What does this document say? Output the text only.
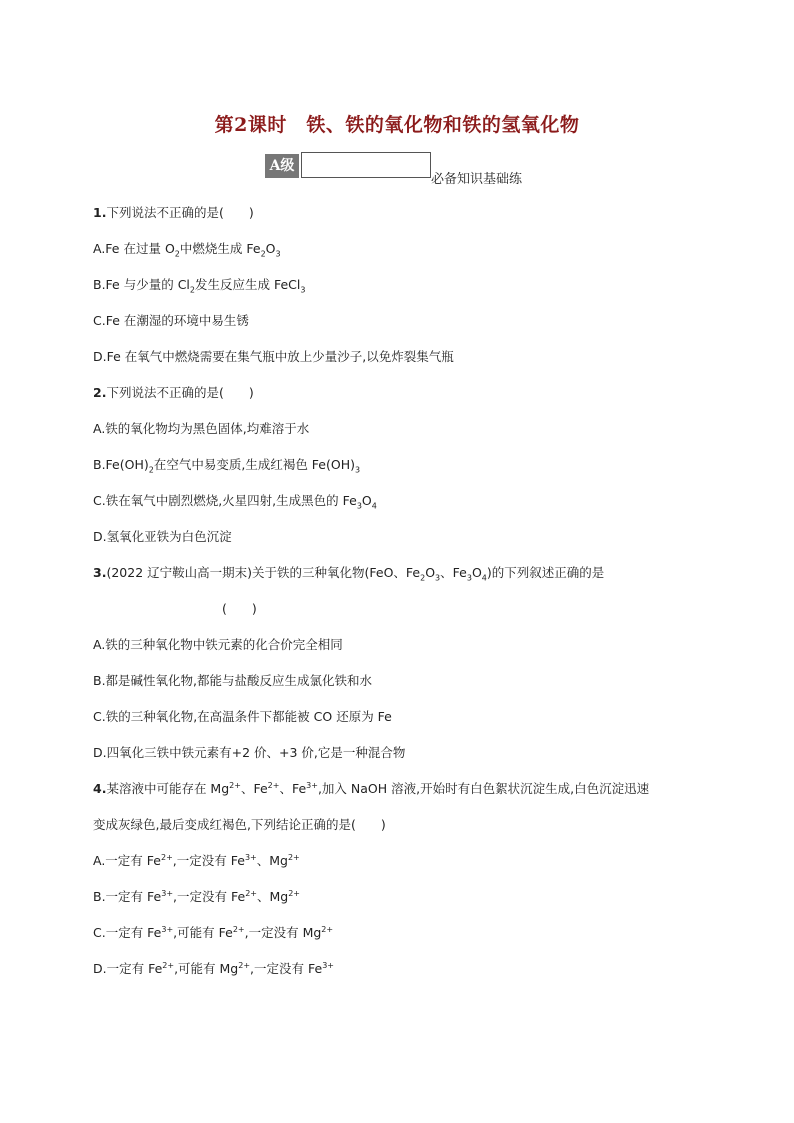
第2课时　铁、铁的氧化物和铁的氢氧化物
A级
必备知识基础练
1.下列说法不正确的是(　　)
A.Fe 在过量 $O_2$中燃烧生成 $Fe_2O_3$
B.Fe 与少量的 $Cl_2$发生反应生成 FeCl$_3$
C.Fe 在潮湿的环境中易生锈
D.Fe 在氧气中燃烧需要在集气瓶中放上少量沙子,以免炸裂集气瓶
2.下列说法不正确的是(　　)
A.铁的氧化物均为黑色固体,均难溶于水
$B.Fe(OH)_2$在空气中易变质,生成红褐色 $Fe(OH)_3$
C.铁在氧气中剧烈燃烧,火星四射,生成黑色的 $Fe_3O_4$
D.氢氧化亚铁为白色沉淀
3.(2022 辽宁鞍山高一期末)关于铁的三种氧化物(FeO、$Fe_2O_3$、$Fe_3O_4$)的下列叙述正确的是
(　　)
A.铁的三种氧化物中铁元素的化合价完全相同
B.都是碱性氧化物,都能与盐酸反应生成氯化铁和水
C.铁的三种氧化物,在高温条件下都能被 CO 还原为 Fe
D.四氧化三铁中铁元素有+2 价、+3 价,它是一种混合物
4.某溶液中可能存在 $Mg^{2+}$、$Fe^{2+}$、$Fe^{3+}$,加入 NaOH 溶液,开始时有白色絮状沉淀生成,白色沉淀迅速
变成灰绿色,最后变成红褐色,下列结论正确的是(　　)
A.一定有 $Fe^{2+}$,一定没有 $Fe^{3+}$、$Mg^{2+}$
B.一定有 $Fe^{3+}$,一定没有 $Fe^{2+}$、$Mg^{2+}$
C.一定有 $Fe^{3+}$,可能有 $Fe^{2+}$,一定没有 $Mg^{2+}$
D.一定有 $Fe^{2+}$,可能有 $Mg^{2+}$,一定没有 $Fe^{3+}$
